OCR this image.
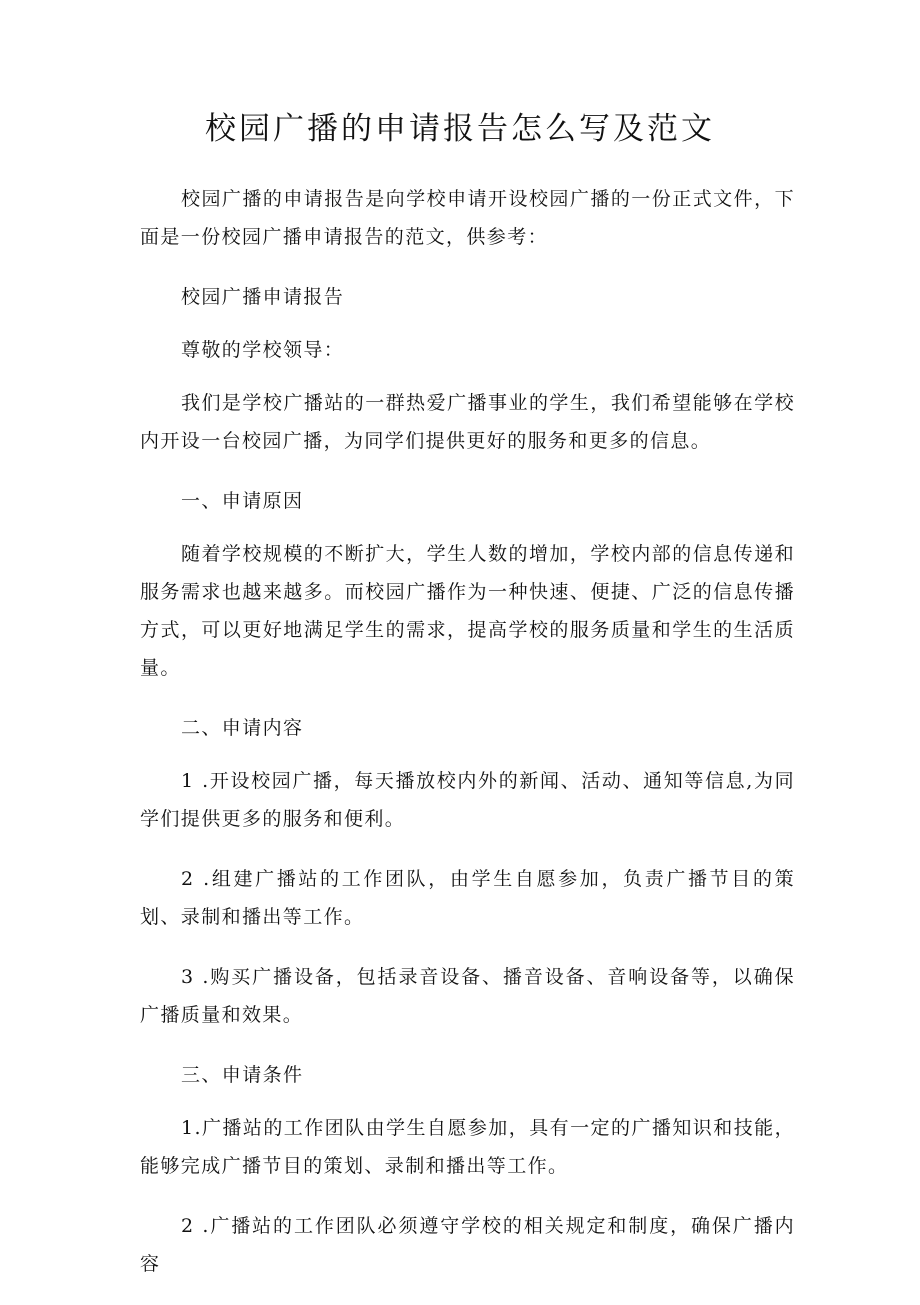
校园广播的申请报告怎么写及范文

校园广播的申请报告是向学校申请开设校园广播的一份正式文件，下面是一份校园广播申请报告的范文，供参考：

校园广播申请报告

尊敬的学校领导：

我们是学校广播站的一群热爱广播事业的学生，我们希望能够在学校内开设一台校园广播，为同学们提供更好的服务和更多的信息。

一、申请原因

随着学校规模的不断扩大，学生人数的增加，学校内部的信息传递和服务需求也越来越多。而校园广播作为一种快速、便捷、广泛的信息传播方式，可以更好地满足学生的需求，提高学校的服务质量和学生的生活质量。

二、申请内容

1 .开设校园广播，每天播放校内外的新闻、活动、通知等信息,为同学们提供更多的服务和便利。

2 .组建广播站的工作团队，由学生自愿参加，负责广播节目的策划、录制和播出等工作。

3 .购买广播设备，包括录音设备、播音设备、音响设备等，以确保广播质量和效果。

三、申请条件

1.广播站的工作团队由学生自愿参加，具有一定的广播知识和技能，能够完成广播节目的策划、录制和播出等工作。

2 .广播站的工作团队必须遵守学校的相关规定和制度，确保广播内容
